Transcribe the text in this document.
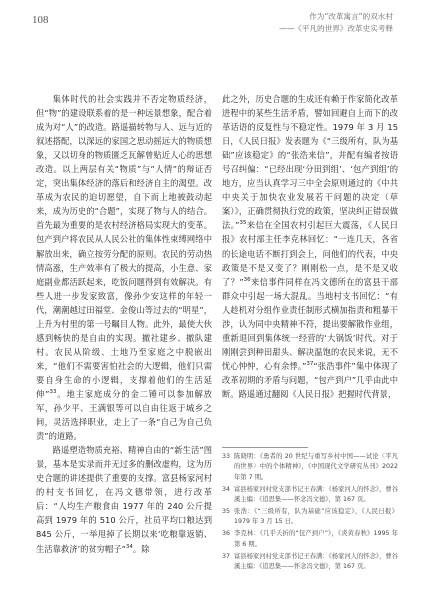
108	作为“改革寓言”的双水村
——《平凡的世界》改革史实考释

集体时代的社会实践并不否定物质经济，但“物”的建设联系着的是一种远景想象，配合着成为对“人”的改造。路遥描转物与人、远与近的叙述搭配，以深远的家国之思动摇远大的物质想象，又以切身的物质匮乏瓦解曾贴近人心的思想改造。以上两层有关“物质”与“人情”的辩证否定，突出集体经济的落后和经济自主的渴望。改革成为农民的迫切愿望，自下而上地被鼓动起来，成为历史的“合题”，实现了物与人的结合。首先最为重要的是农村经济格局实现大的变革。包产到户将农民从人民公社的集体性束缚网络中解放出来，确立按劳分配的原则。农民的劳动热情高涨，生产效率有了极大的提高，小生意、家庭副业都活跃起来，吃饭问题得到有效解决。有些人进一步发家致富，像孙少安这样的年轻一代，潮潮越过田福堂、金俊山等过去的“明星”，上升为村里的第一号瞩目人物。此外，最使大伙感到畅快的是自由的实现。撤社建乡、撤队建村。农民从阶级、土地乃至家庭之中脱嵌出来，“他们不需要害怕社会的大逻辑，他们只需要自身生命的小逻辑，支撑着他们的生活延伸”$^{33}$。地主家庭成分的金二锤可以参加解放军，孙少平、王满银等可以自由往返于城乡之间，灵活选择职业，走上了一条“自己为自己负责”的道路。

路遥塑造物质充裕、精神自由的“新生活”图景，基本是实录而并无过多的删改虚构，这为历史合题的讲述提供了重要的支撑。富县杨家河村的村支书回忆，在冯文德带领，进行改革后：“人均生产粮食由 1977 年的 240 公斤提高到 1979 年的 510 公斤，社员平均口粮达到 845 公斤，一举甩掉了长期以来‘吃粮靠返销、生活靠救济’的贫穷帽子”$^{34}$。除

此之外，历史合题的生成还有赖于作家简化改革进程中的某些生活矛盾，譬如回避自上而下的改革话语的反复性与不稳定性。1979 年 3 月 15 日，《人民日报》发表题为《“三级所有，队为基础”应该稳定》的“张浩来信”，并配有编者按语号召纠偏：“已经出现‘分田到组’、‘包产到组’的地方，应当认真学习三中全会原则通过的《中共中央关于加快农业发展若干问题的决定（草案）》，正确贯彻执行党的政策，坚决纠正错误做法。”$^{35}$来信在全国农村引起巨大震荡，《人民日报》农村部主任李克林回忆：“一连几天，各省的长途电话不断打到会上，问他们的代表，中央政策是不是又变了？刚刚松一点，是不是又收了？”$^{36}$来信事件同样在冯文德所在的富县干部群众中引起一场大混乱。当地村支书回忆：“有人趁机对分组作业责任制形式横加指责和粗暴干涉，认为同中央精神不符，提出要解散作业组，重新退回到集体统一经营的‘大锅饭’时代。对于刚刚尝到种田甜头、解决温饱的农民来说，无不忧心忡忡，心有余悸。”$^{37}$“张浩事件”集中体现了改革初期的矛盾与问题，“包产到户”几乎由此中断。路遥通过翻阅《人民日报》把握时代背景，

33 陈晓明：《勇者的 20 世纪与重写乡村中国——试论〈平凡的世界〉中的个体精神》，《中国现代文学研究丛刊》2022 年第 7 期。
34 富县杨家河村党支部书记王春满：《杨家河人的怀念》，曹谷溪主编：《追思集——怀念冯文德》，第 167 页。
35 张浩：《“三级所有，队为基础”应该稳定》，《人民日报》1979 年 3 月 15 日。
36 李克林：《几乎夭折的“包产到户”》，《炎黄春秋》1995 年第 6 期。
37 富县杨家河村党支部书记王春满：《杨家河人的怀念》，曹谷溪主编：《追思集——怀念冯文德》，第 167 页。
